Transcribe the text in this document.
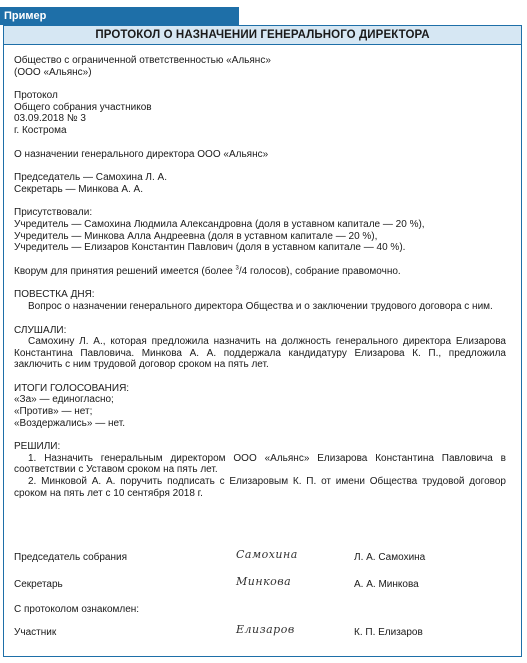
Пример
ПРОТОКОЛ О НАЗНАЧЕНИИ ГЕНЕРАЛЬНОГО ДИРЕКТОРА

Общество с ограниченной ответственностью «Альянс»

(ООО «Альянс»)

Протокол

Общего собрания участников

03.09.2018 № 3

г. Кострома

О назначении генерального директора ООО «Альянс»

Председатель — Самохина Л. А.

Секретарь — Минкова А. А.

Присутствовали:

Учредитель — Самохина Людмила Александровна (доля в уставном капитале — 20 %),

Учредитель — Минкова Алла Андреевна (доля в уставном капитале — 20 %),

Учредитель — Елизаров Константин Павлович (доля в уставном капитале — 40 %).

Кворум для принятия решений имеется (более $^3$/4 голосов), собрание правомочно.

ПОВЕСТКА ДНЯ:

Вопрос о назначении генерального директора Общества и о заключении трудового договора с ним.

СЛУШАЛИ:

Самохину Л. А., которая предложила назначить на должность генерального директора Елизарова Константина Павловича. Минкова А. А. поддержала кандидатуру Елизарова К. П., предложила заключить с ним трудовой договор сроком на пять лет.

ИТОГИ ГОЛОСОВАНИЯ:

«За» — единогласно;

«Против» — нет;

«Воздержались» — нет.

РЕШИЛИ:

1. Назначить генеральным директором ООО «Альянс» Елизарова Константина Павловича в соответствии с Уставом сроком на пять лет.

2. Минковой А. А. поручить подписать с Елизаровым К. П. от имени Общества трудовой договор сроком на пять лет с 10 сентября 2018 г.

Председатель собрания	Самохина	Л. А. Самохина
Секретарь	Минкова	А. А. Минкова
С протоколом ознакомлен:
Участник	Елизаров	К. П. Елизаров
